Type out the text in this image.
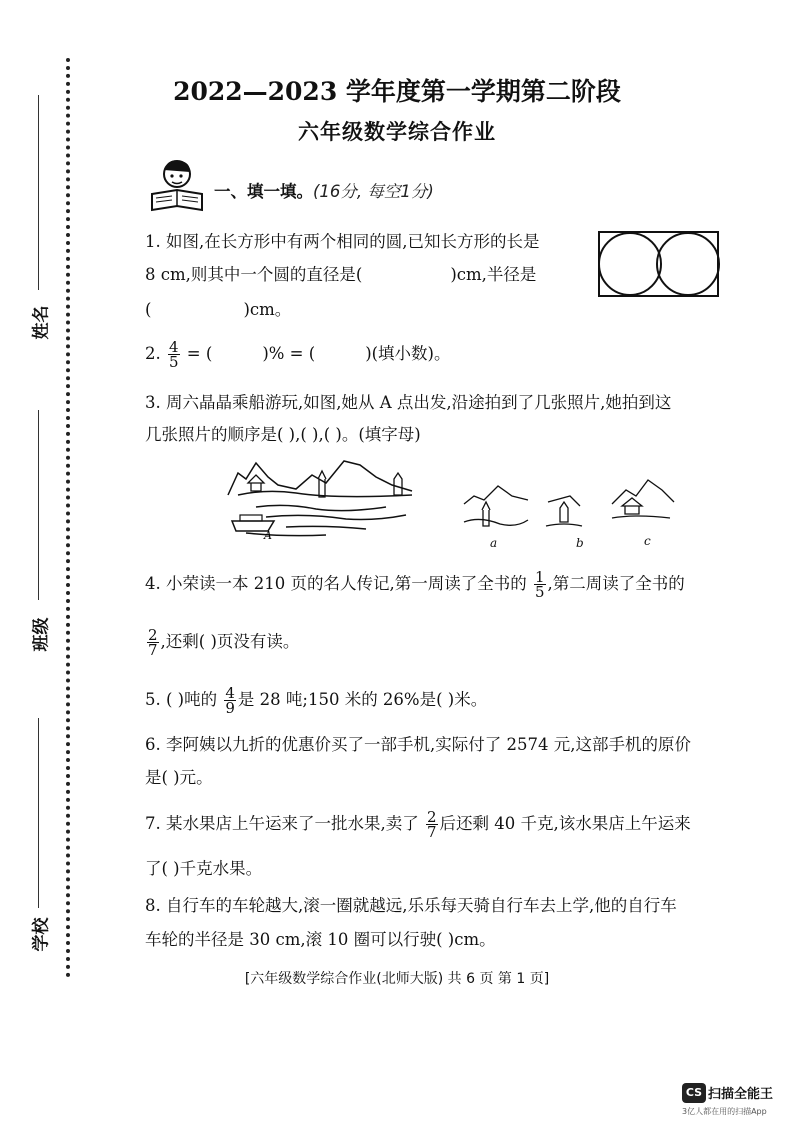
姓名
班级
学校
2022—2023 学年度第一学期第二阶段
六年级数学综合作业
一、填一填。(16分, 每空1分)
1. 如图,在长方形中有两个相同的圆,已知长方形的长是
8 cm,则其中一个圆的直径是(	)cm,半径是
(	)cm。
2. $\frac{4}{5}$ = (	)% = (	)(填小数)。
3. 周六晶晶乘船游玩,如图,她从 A 点出发,沿途拍到了几张照片,她拍到这
几张照片的顺序是( ),( ),( )。(填字母)
A
a	b	c
4. 小荣读一本 210 页的名人传记,第一周读了全书的 $\frac{1}{5}$ ,第二周读了全书的
$\frac{2}{7}$ ,还剩( )页没有读。
5. ( )吨的 $\frac{4}{9}$ 是 28 吨;150 米的 26%是( )米。
6. 李阿姨以九折的优惠价买了一部手机,实际付了 2574 元,这部手机的原价
是( )元。
7. 某水果店上午运来了一批水果,卖了 $\frac{2}{7}$ 后还剩 40 千克,该水果店上午运来
了( )千克水果。
8. 自行车的车轮越大,滚一圈就越远,乐乐每天骑自行车去上学,他的自行车
车轮的半径是 30 cm,滚 10 圈可以行驶( )cm。
[六年级数学综合作业(北师大版) 共 6 页 第 1 页]
CS 扫描全能王
3亿人都在用的扫描App
